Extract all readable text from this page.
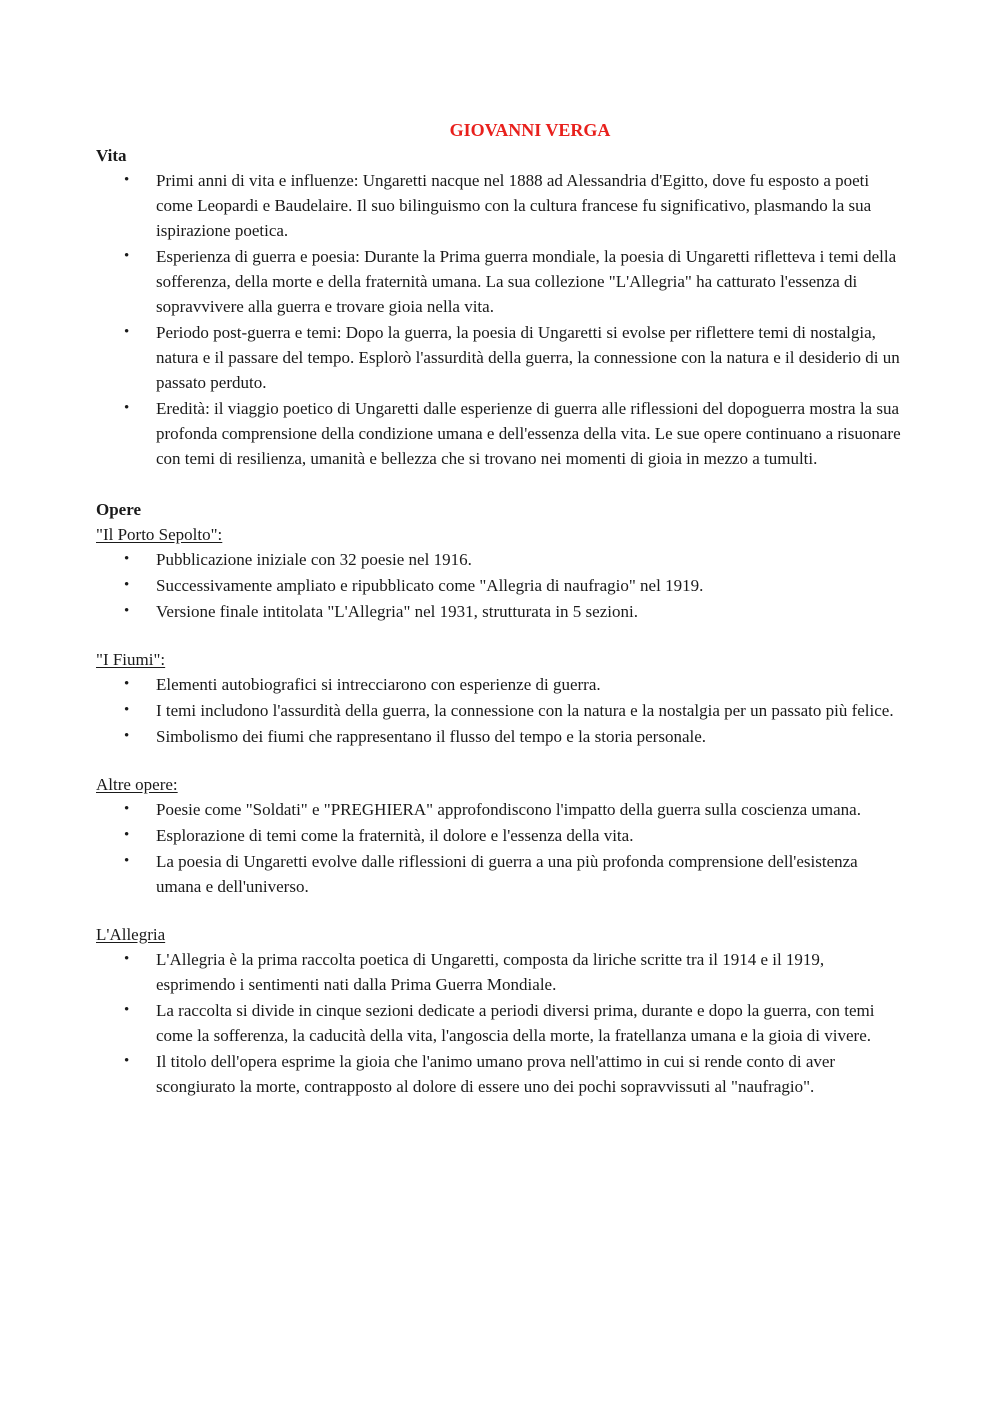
GIOVANNI VERGA
Vita
• Primi anni di vita e influenze: Ungaretti nacque nel 1888 ad Alessandria d'Egitto, dove fu esposto a poeti come Leopardi e Baudelaire. Il suo bilinguismo con la cultura francese fu significativo, plasmando la sua ispirazione poetica.
• Esperienza di guerra e poesia: Durante la Prima guerra mondiale, la poesia di Ungaretti rifletteva i temi della sofferenza, della morte e della fraternità umana. La sua collezione "L'Allegria" ha catturato l'essenza di sopravvivere alla guerra e trovare gioia nella vita.
• Periodo post-guerra e temi: Dopo la guerra, la poesia di Ungaretti si evolse per riflettere temi di nostalgia, natura e il passare del tempo. Esplorò l'assurdità della guerra, la connessione con la natura e il desiderio di un passato perduto.
• Eredità: il viaggio poetico di Ungaretti dalle esperienze di guerra alle riflessioni del dopoguerra mostra la sua profonda comprensione della condizione umana e dell'essenza della vita. Le sue opere continuano a risuonare con temi di resilienza, umanità e bellezza che si trovano nei momenti di gioia in mezzo a tumulti.
Opere

"Il Porto Sepolto":

• Pubblicazione iniziale con 32 poesie nel 1916.
• Successivamente ampliato e ripubblicato come "Allegria di naufragio" nel 1919.
• Versione finale intitolata "L'Allegria" nel 1931, strutturata in 5 sezioni.

"I Fiumi":

• Elementi autobiografici si intrecciarono con esperienze di guerra.
• I temi includono l'assurdità della guerra, la connessione con la natura e la nostalgia per un passato più felice.
• Simbolismo dei fiumi che rappresentano il flusso del tempo e la storia personale.

Altre opere:

• Poesie come "Soldati" e "PREGHIERA" approfondiscono l'impatto della guerra sulla coscienza umana.
• Esplorazione di temi come la fraternità, il dolore e l'essenza della vita.
• La poesia di Ungaretti evolve dalle riflessioni di guerra a una più profonda comprensione dell'esistenza umana e dell'universo.

L'Allegria

• L'Allegria è la prima raccolta poetica di Ungaretti, composta da liriche scritte tra il 1914 e il 1919, esprimendo i sentimenti nati dalla Prima Guerra Mondiale.
• La raccolta si divide in cinque sezioni dedicate a periodi diversi prima, durante e dopo la guerra, con temi come la sofferenza, la caducità della vita, l'angoscia della morte, la fratellanza umana e la gioia di vivere.
• Il titolo dell'opera esprime la gioia che l'animo umano prova nell'attimo in cui si rende conto di aver scongiurato la morte, contrapposto al dolore di essere uno dei pochi sopravvissuti al "naufragio".
